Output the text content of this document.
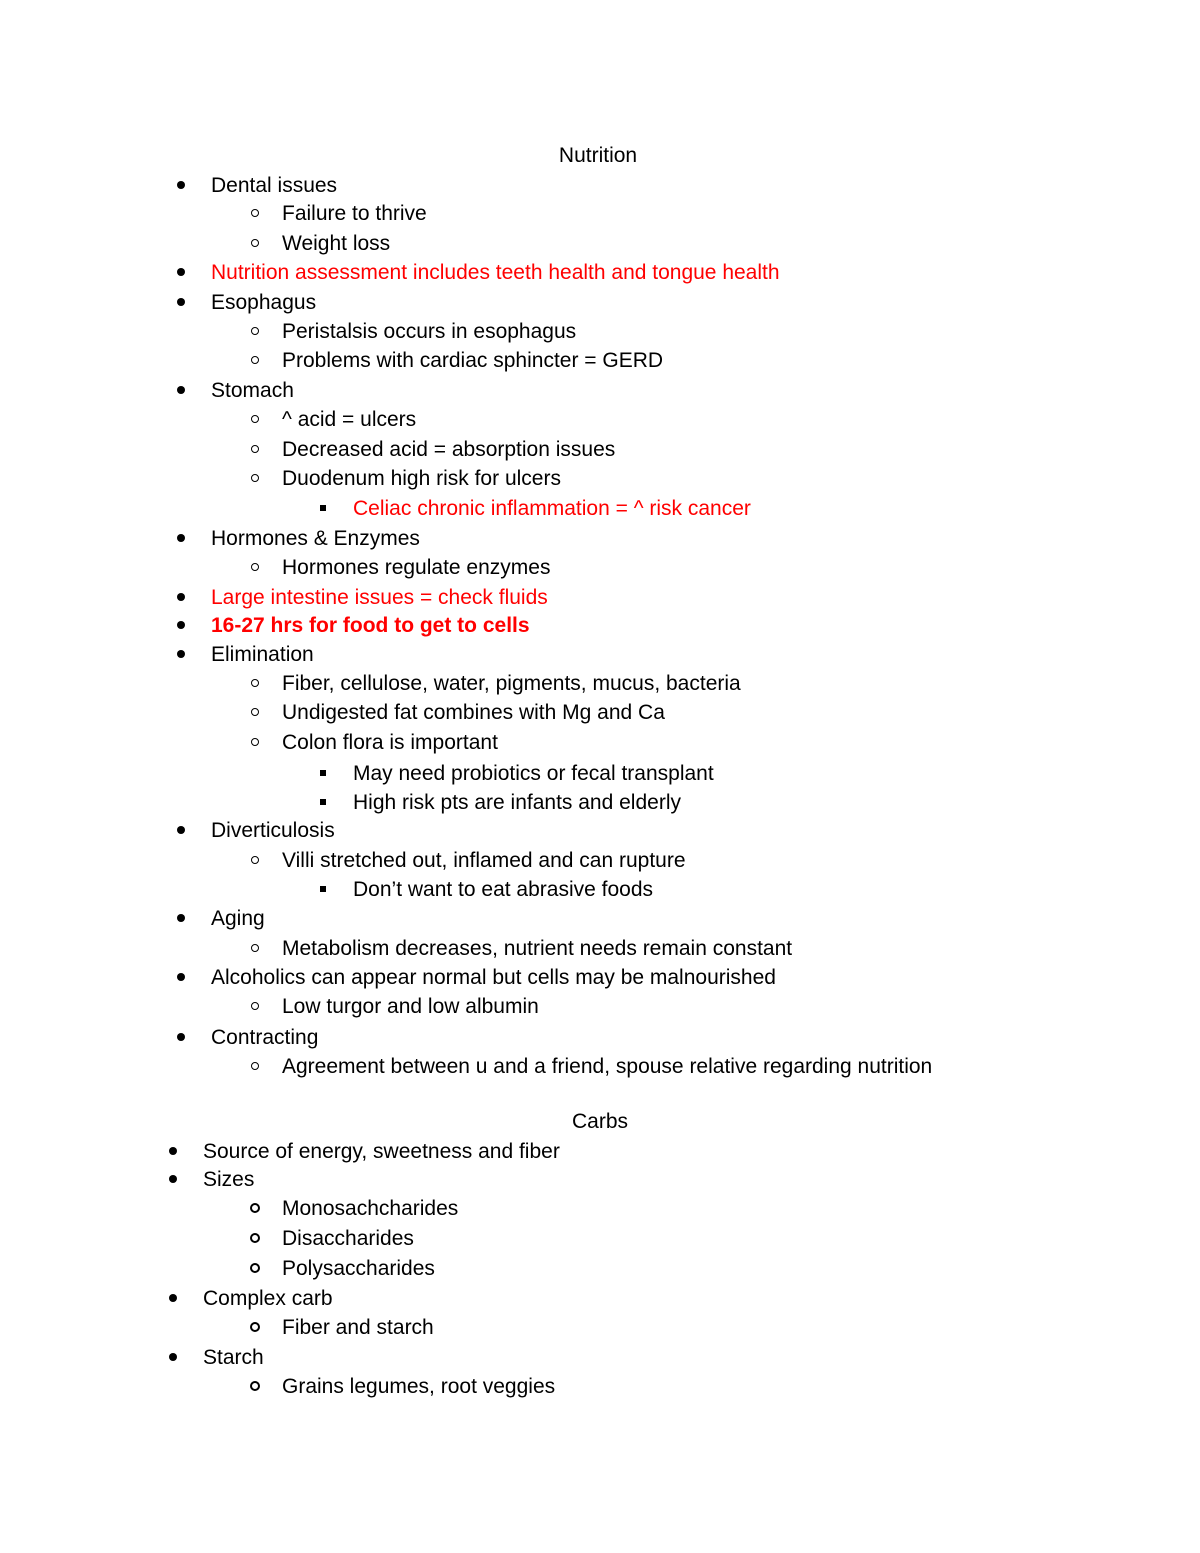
Nutrition
Dental issues
Failure to thrive
Weight loss
Nutrition assessment includes teeth health and tongue health
Esophagus
Peristalsis occurs in esophagus
Problems with cardiac sphincter = GERD
Stomach
^ acid = ulcers
Decreased acid = absorption issues
Duodenum high risk for ulcers
Celiac chronic inflammation = ^ risk cancer
Hormones & Enzymes
Hormones regulate enzymes
Large intestine issues = check fluids
16-27 hrs for food to get to cells
Elimination
Fiber, cellulose, water, pigments, mucus, bacteria
Undigested fat combines with Mg and Ca
Colon flora is important
May need probiotics or fecal transplant
High risk pts are infants and elderly
Diverticulosis
Villi stretched out, inflamed and can rupture
Don’t want to eat abrasive foods
Aging
Metabolism decreases, nutrient needs remain constant
Alcoholics can appear normal but cells may be malnourished
Low turgor and low albumin
Contracting
Agreement between u and a friend, spouse relative regarding nutrition
Carbs
Source of energy, sweetness and fiber
Sizes
Monosachcharides
Disaccharides
Polysaccharides
Complex carb
Fiber and starch
Starch
Grains legumes, root veggies
